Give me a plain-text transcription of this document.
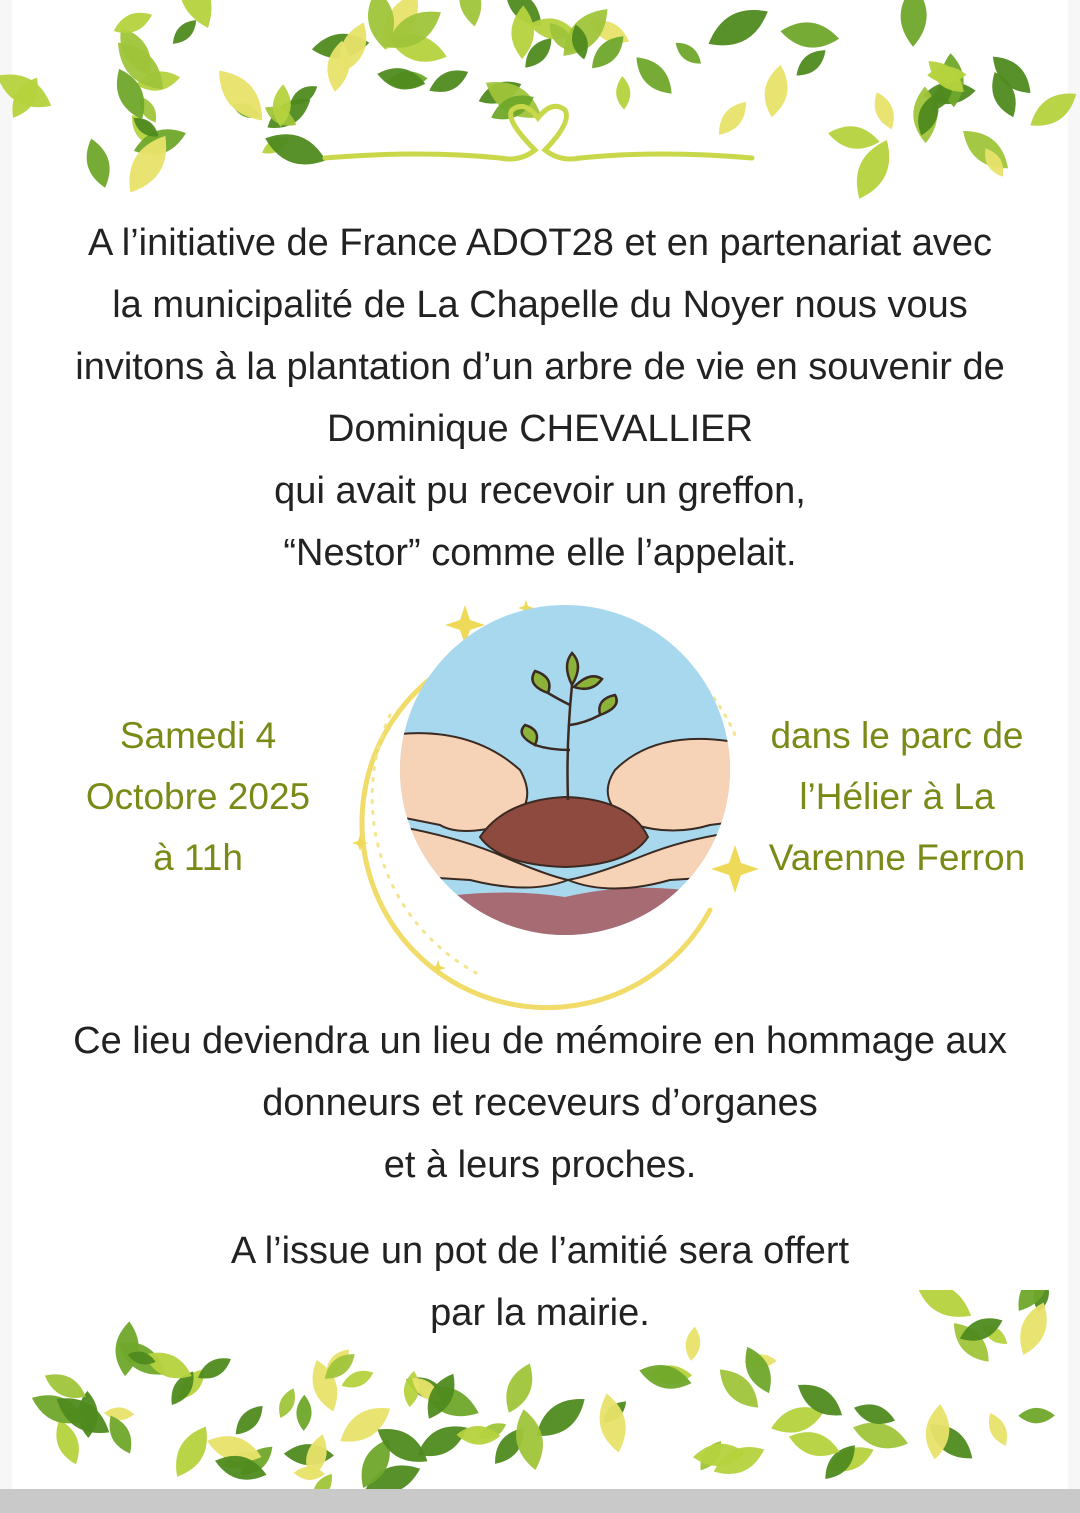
A l’initiative de France ADOT28 et en partenariat avec
la municipalité de La Chapelle du Noyer nous vous
invitons à la plantation d’un arbre de vie en souvenir de
Dominique CHEVALLIER
qui avait pu recevoir un greffon,
“Nestor” comme elle l’appelait.
Samedi 4
Octobre 2025
à 11h
dans le parc de
l’Hélier à La
Varenne Ferron
Ce lieu deviendra un lieu de mémoire en hommage aux
donneurs et receveurs d’organes
et à leurs proches.
A l’issue un pot de l’amitié sera offert
par la mairie.
